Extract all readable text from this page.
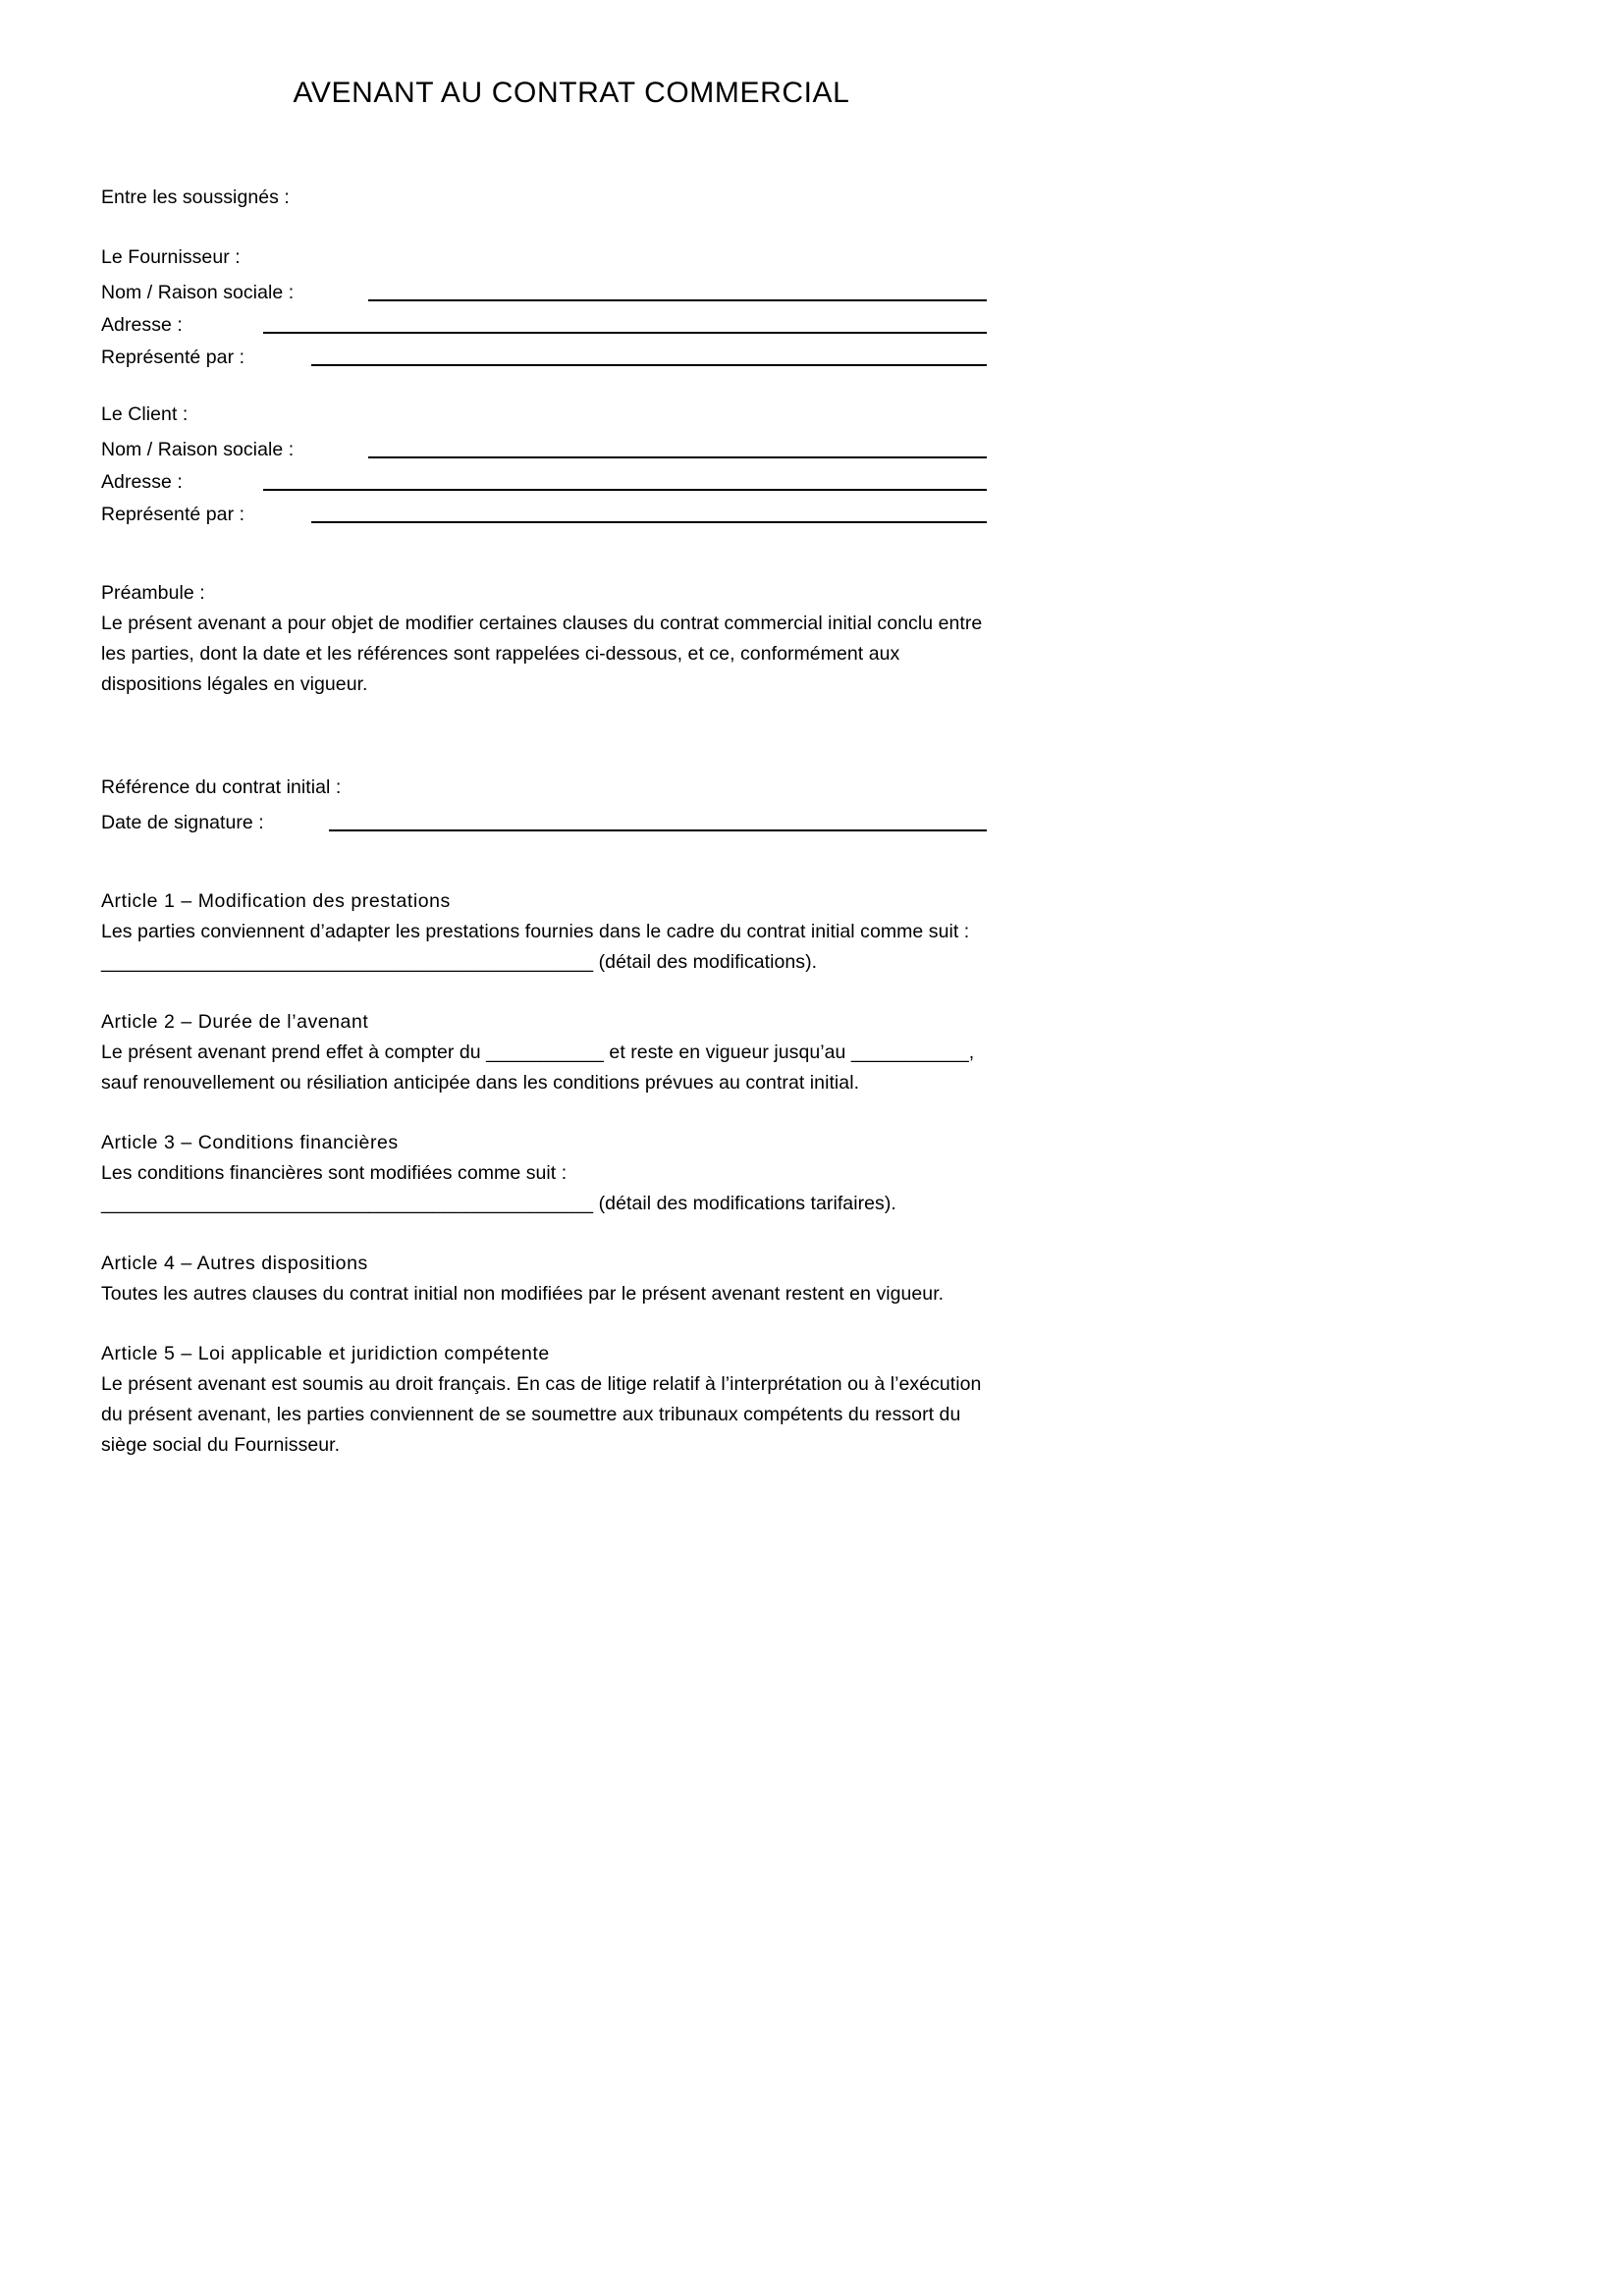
AVENANT AU CONTRAT COMMERCIAL

Entre les soussignés :

Le Fournisseur :

Nom / Raison sociale :
Adresse :
Représenté par :

Le Client :

Nom / Raison sociale :
Adresse :
Représenté par :

Préambule :

Le présent avenant a pour objet de modifier certaines clauses du contrat commercial initial conclu entre les parties, dont la date et les références sont rappelées ci-dessous, et ce, conformément aux dispositions légales en vigueur.

Référence du contrat initial :

Date de signature :

Article 1 – Modification des prestations

Les parties conviennent d’adapter les prestations fournies dans le cadre du contrat initial comme suit :

______________________________________________ (détail des modifications).

Article 2 – Durée de l’avenant

Le présent avenant prend effet à compter du ___________ et reste en vigueur jusqu’au ___________, sauf renouvellement ou résiliation anticipée dans les conditions prévues au contrat initial.

Article 3 – Conditions financières

Les conditions financières sont modifiées comme suit :

______________________________________________ (détail des modifications tarifaires).

Article 4 – Autres dispositions

Toutes les autres clauses du contrat initial non modifiées par le présent avenant restent en vigueur.

Article 5 – Loi applicable et juridiction compétente

Le présent avenant est soumis au droit français. En cas de litige relatif à l’interprétation ou à l’exécution du présent avenant, les parties conviennent de se soumettre aux tribunaux compétents du ressort du siège social du Fournisseur.
